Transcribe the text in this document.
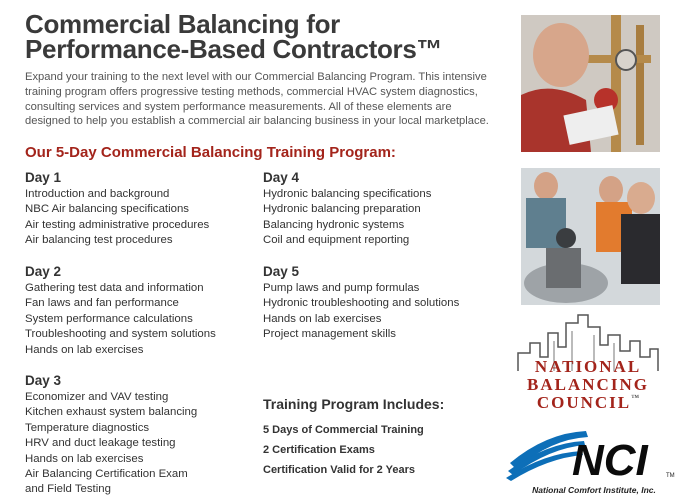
Commercial Balancing for
Performance-Based Contractors™
Expand your training to the next level with our Commercial Balancing Program. This intensive training program offers progressive testing methods, commercial HVAC system diagnostics, consulting services and system performance measurements. All of these elements are designed to help you establish a commercial air balancing business in your local marketplace.
Our 5-Day Commercial Balancing Training Program:
Day 1
Introduction and background
NBC Air balancing specifications
Air testing administrative procedures
Air balancing test procedures
Day 2
Gathering test data and information
Fan laws and fan performance
System performance calculations
Troubleshooting and system solutions
Hands on lab exercises
Day 3
Economizer and VAV testing
Kitchen exhaust system balancing
Temperature diagnostics
HRV and duct leakage testing
Hands on lab exercises
Air Balancing Certification Exam
and Field Testing
Day 4
Hydronic balancing specifications
Hydronic balancing preparation
Balancing hydronic systems
Coil and equipment reporting
Day 5
Pump laws and pump formulas
Hydronic troubleshooting and solutions
Hands on lab exercises
Project management skills
Training Program Includes:
5 Days of Commercial Training
2 Certification Exams
Certification Valid for 2 Years
NATIONAL
BALANCING
COUNCIL™
NCI	TM
National Comfort Institute, Inc.
